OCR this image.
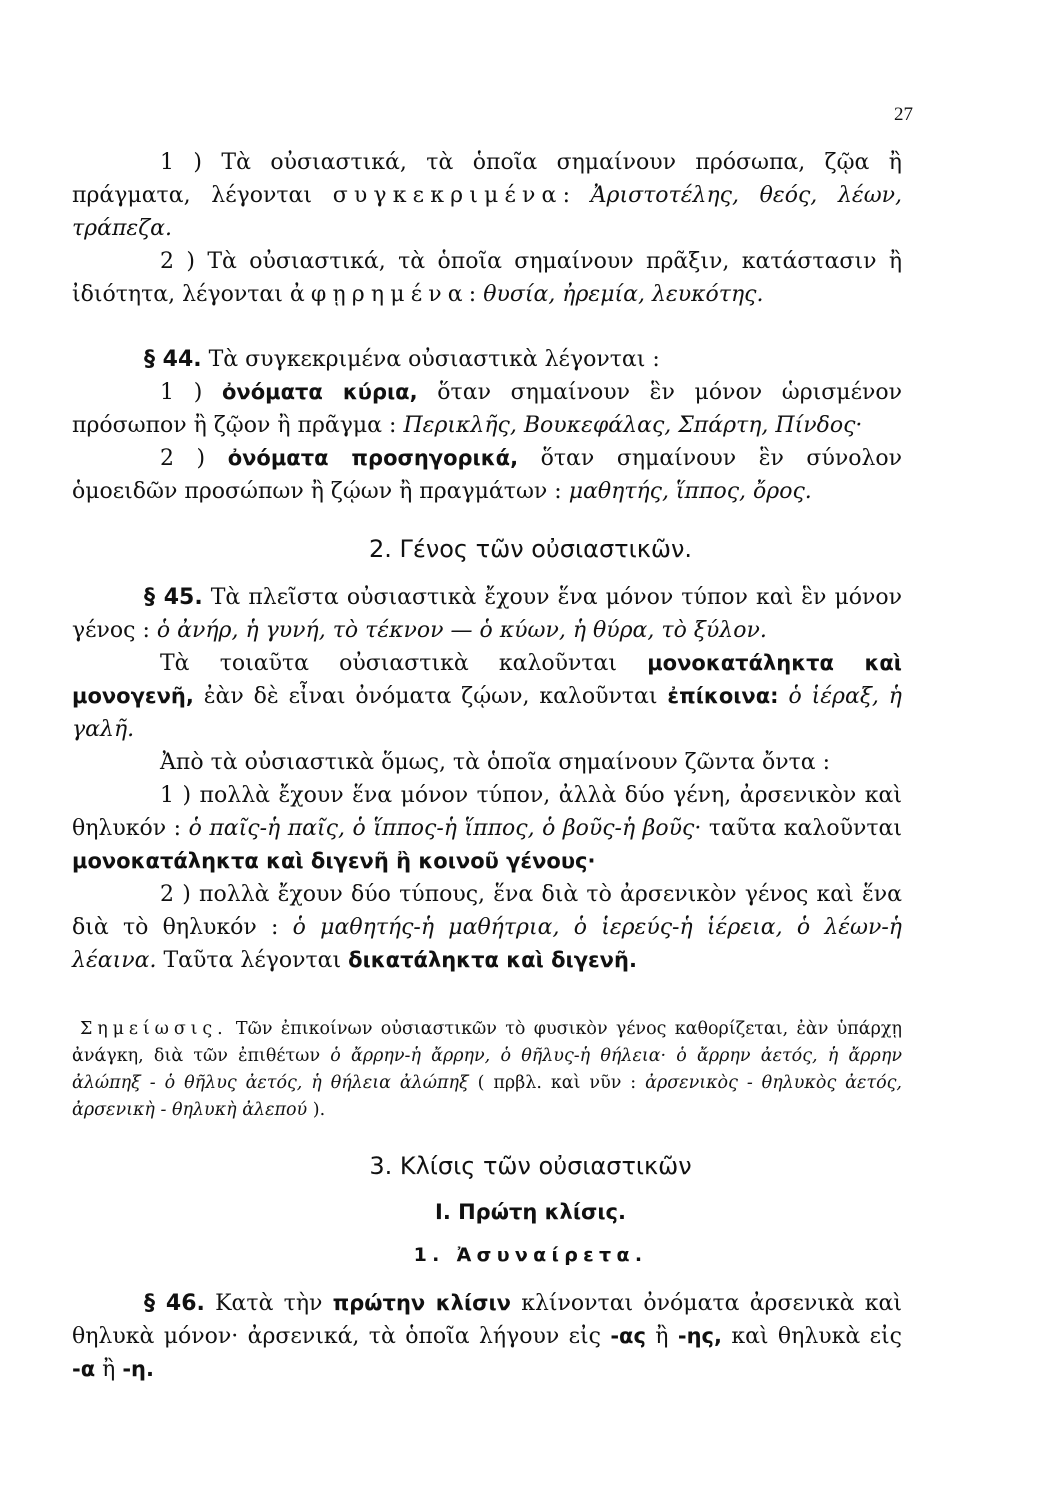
27

1 ) Τὰ οὐσιαστικά, τὰ ὁποῖα σημαίνουν πρόσωπα, ζῷα ἢ πράγματα, λέγονται συγκεκριμένα: Ἀριστοτέλης, θεός, λέων, τράπεζα.

2 ) Τὰ οὐσιαστικά, τὰ ὁποῖα σημαίνουν πρᾶξιν, κατάστασιν ἢ ἰδιότητα, λέγονται ἀφῃρημένα: θυσία, ἠρεμία, λευκότης.

§ 44. Τὰ συγκεκριμένα οὐσιαστικὰ λέγονται :

1 ) ὀνόματα κύρια, ὅταν σημαίνουν ἓν μόνον ὡρισμένον πρόσωπον ἢ ζῷον ἢ πρᾶγμα : Περικλῆς, Βουκεφάλας, Σπάρτη, Πίνδος·

2 ) ὀνόματα προσηγορικά, ὅταν σημαίνουν ἓν σύνολον ὁμοειδῶν προσώπων ἢ ζῴων ἢ πραγμάτων : μαθητής, ἵππος, ὄρος.

2. Γένος τῶν οὐσιαστικῶν.

§ 45. Τὰ πλεῖστα οὐσιαστικὰ ἔχουν ἕνα μόνον τύπον καὶ ἓν μόνον γένος : ὁ ἀνήρ, ἡ γυνή, τὸ τέκνον — ὁ κύων, ἡ θύρα, τὸ ξύλον.

Τὰ τοιαῦτα οὐσιαστικὰ καλοῦνται μονοκατάληκτα καὶ μονογενῆ, ἐὰν δὲ εἶναι ὀνόματα ζῴων, καλοῦνται ἐπίκοινα: ὁ ἱέραξ, ἡ γαλῆ.

Ἀπὸ τὰ οὐσιαστικὰ ὅμως, τὰ ὁποῖα σημαίνουν ζῶντα ὄντα :

1 ) πολλὰ ἔχουν ἕνα μόνον τύπον, ἀλλὰ δύο γένη, ἀρσενικὸν καὶ θηλυκόν : ὁ παῖς-ἡ παῖς, ὁ ἵππος-ἡ ἵππος, ὁ βοῦς-ἡ βοῦς· ταῦτα καλοῦνται μονοκατάληκτα καὶ διγενῆ ἢ κοινοῦ γένους·

2 ) πολλὰ ἔχουν δύο τύπους, ἕνα διὰ τὸ ἀρσενικὸν γένος καὶ ἕνα διὰ τὸ θηλυκόν : ὁ μαθητής-ἡ μαθήτρια, ὁ ἱερεύς-ἡ ἱέρεια, ὁ λέων-ἡ λέαινα. Ταῦτα λέγονται δικατάληκτα καὶ διγενῆ.

Σημείωσις. Τῶν ἐπικοίνων οὐσιαστικῶν τὸ φυσικὸν γένος καθορίζεται, ἐὰν ὑπάρχῃ ἀνάγκη, διὰ τῶν ἐπιθέτων ὁ ἄρρην-ἡ ἄρρην, ὁ θῆλυς-ἡ θήλεια· ὁ ἄρρην ἀετός, ἡ ἄρρην ἀλώπηξ - ὁ θῆλυς ἀετός, ἡ θήλεια ἀλώπηξ ( πρβλ. καὶ νῦν : ἀρσενικὸς - θηλυκὸς ἀετός, ἀρσενικὴ - θηλυκὴ ἀλεπού ).

3. Κλίσις τῶν οὐσιαστικῶν
Ι. Πρώτη κλίσις.
1. Ἀσυναίρετα.

§ 46. Κατὰ τὴν πρώτην κλίσιν κλίνονται ὀνόματα ἀρσενικὰ καὶ θηλυκὰ μόνον· ἀρσενικά, τὰ ὁποῖα λήγουν εἰς -ας ἢ -ης, καὶ θηλυκὰ εἰς -α ἢ -η.
